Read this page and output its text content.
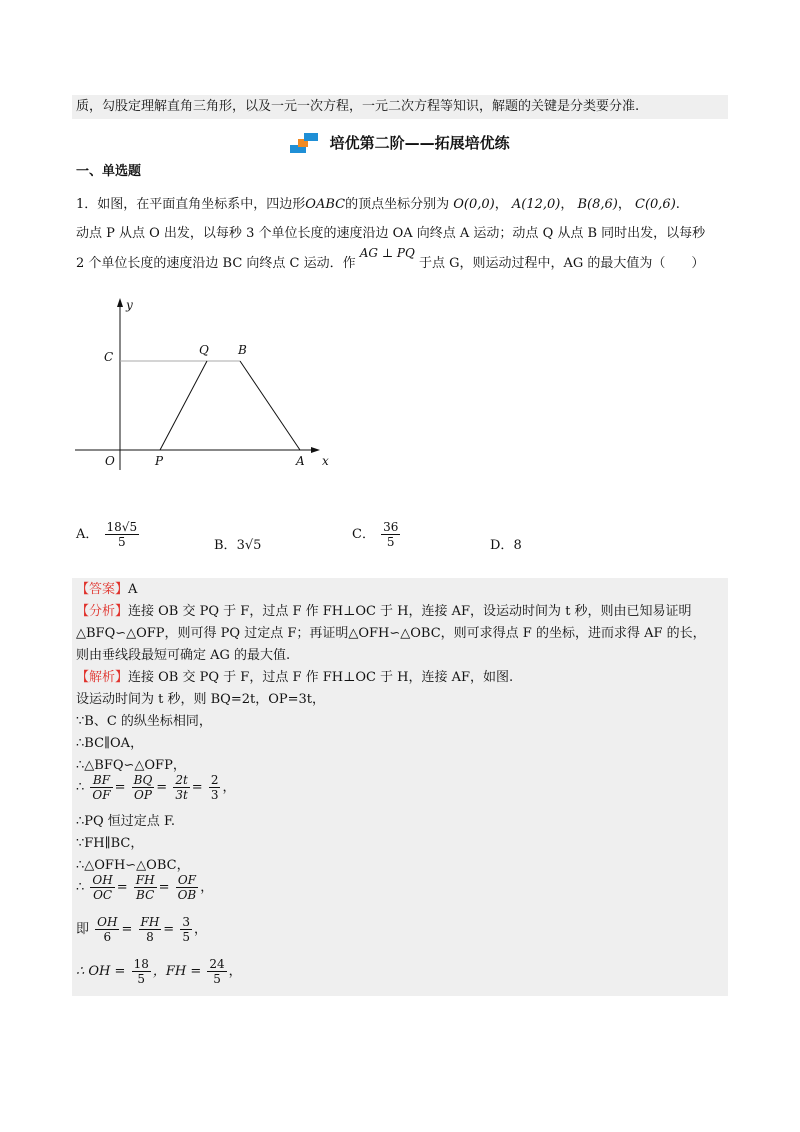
质，勾股定理解直角三角形，以及一元一次方程，一元二次方程等知识，解题的关键是分类要分准.
培优第二阶——拓展培优练
一、单选题
1．如图，在平面直角坐标系中，四边形OABC的顶点坐标分别为 O(0,0)， A(12,0)， B(8,6)， C(0,6).
动点 P 从点 O 出发，以每秒 3 个单位长度的速度沿边 OA 向终点 A 运动；动点 Q 从点 B 同时出发，以每秒
2 个单位长度的速度沿边 BC 向终点 C 运动．作 AG ⊥ PQ 于点 G，则运动过程中，AG 的最大值为（　　）
y
x
C	Q B
O	P	A
A． $\frac{18√5}{5}$	B．3√5
C． $\frac{36}{5}$	D．8
【答案】A
【分析】连接 OB 交 PQ 于 F，过点 F 作 FH⊥OC 于 H，连接 AF，设运动时间为 t 秒，则由已知易证明
△BFQ∽△OFP，则可得 PQ 过定点 F；再证明△OFH∽△OBC，则可求得点 F 的坐标，进而求得 AF 的长，
则由垂线段最短可确定 AG 的最大值.
【解析】连接 OB 交 PQ 于 F，过点 F 作 FH⊥OC 于 H，连接 AF，如图.
设运动时间为 t 秒，则 BQ=2t，OP=3t，
∵B、C 的纵坐标相同，
∴BC∥OA，
∴△BFQ∽△OFP，
∴ $\frac{BF}{OF} = \frac{BQ}{OP} = \frac{2t}{3t} = \frac{2}{3}$ ，
∴PQ 恒过定点 F.
∵FH∥BC，
∴△OFH∽△OBC，
∴ $\frac{OH}{OC} = \frac{FH}{BC} = \frac{OF}{OB}$ ，
即 $\frac{OH}{6} = \frac{FH}{8} = \frac{3}{5}$ ，
∴ OH = $\frac{18}{5}$ ，FH = $\frac{24}{5}$ ，
